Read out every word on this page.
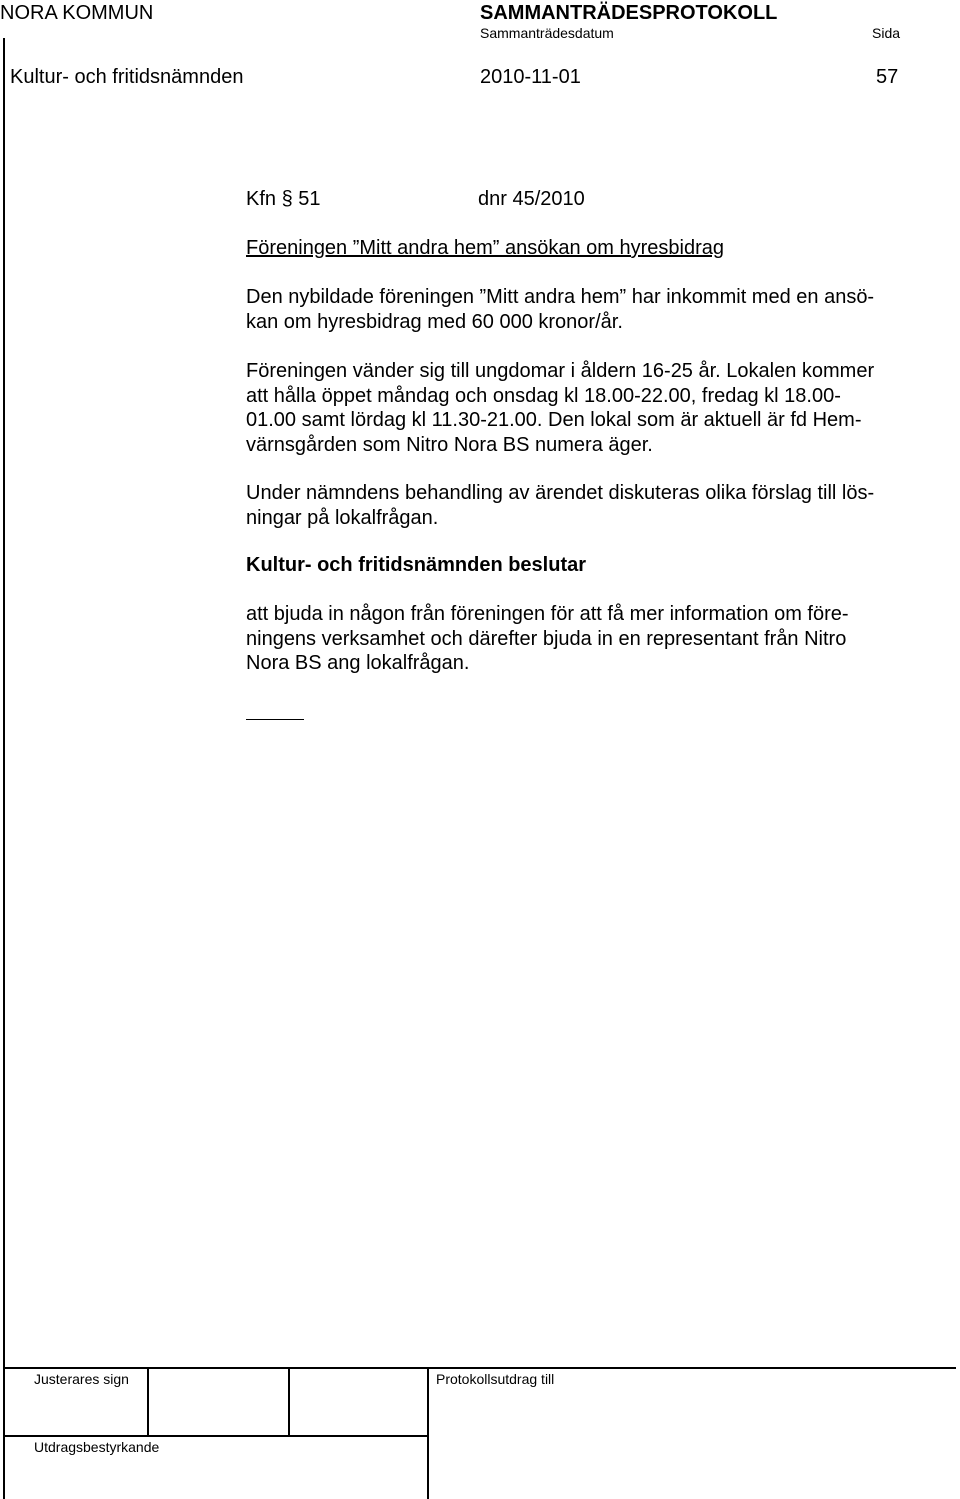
NORA KOMMUN	SAMMANTRÄDESPROTOKOLL
Sammanträdesdatum	Sida
Kultur- och fritidsnämnden	2010-11-01	57
Kfn § 51	dnr 45/2010
Föreningen ”Mitt andra hem” ansökan om hyresbidrag
Den nybildade föreningen ”Mitt andra hem” har inkommit med en ansö-
kan om hyresbidrag med 60 000 kronor/år.
Föreningen vänder sig till ungdomar i åldern 16-25 år. Lokalen kommer
att hålla öppet måndag och onsdag kl 18.00-22.00, fredag kl 18.00-
01.00 samt lördag kl 11.30-21.00. Den lokal som är aktuell är fd Hem-
värnsgården som Nitro Nora BS numera äger.
Under nämndens behandling av ärendet diskuteras olika förslag till lös-
ningar på lokalfrågan.
Kultur- och fritidsnämnden beslutar
att bjuda in någon från föreningen för att få mer information om före-
ningens verksamhet och därefter bjuda in en representant från Nitro
Nora BS ang lokalfrågan.
Justerares sign	Protokollsutdrag till
Utdragsbestyrkande
